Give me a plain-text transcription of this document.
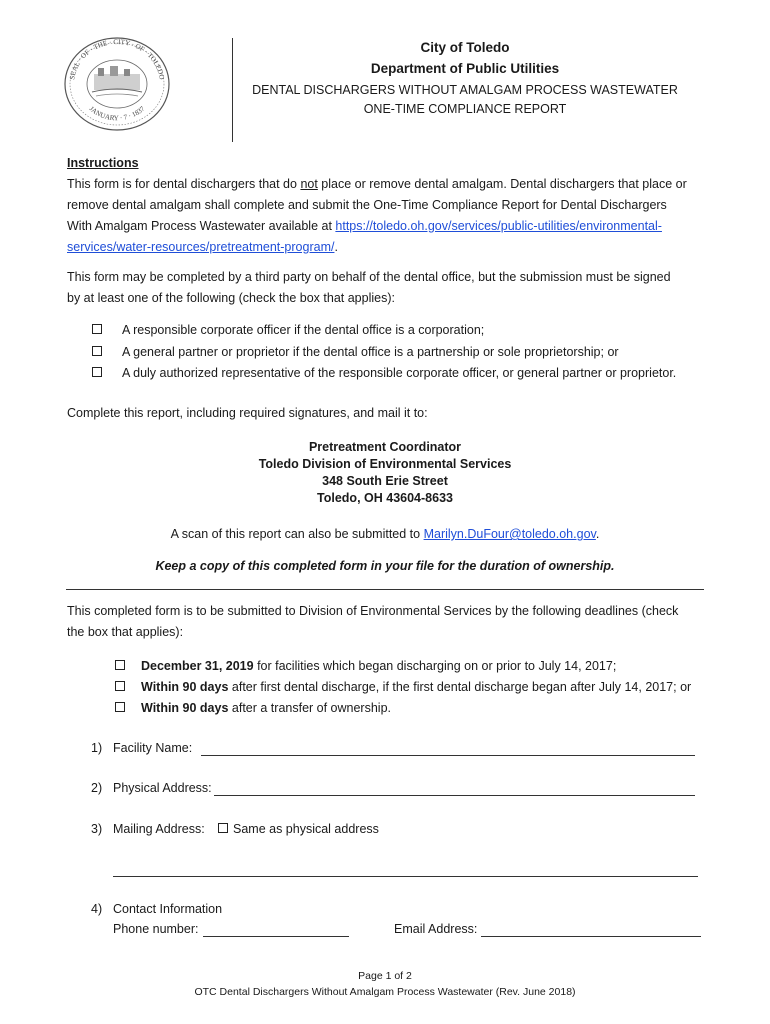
SEAL · OF · THE · CITY · OF · TOLEDO
JANUARY · 7 · 1837
City of Toledo
Department of Public Utilities
DENTAL DISCHARGERS WITHOUT AMALGAM PROCESS WASTEWATER
ONE-TIME COMPLIANCE REPORT
Instructions
This form is for dental dischargers that do not place or remove dental amalgam. Dental dischargers that place or
remove dental amalgam shall complete and submit the One-Time Compliance Report for Dental Dischargers
With Amalgam Process Wastewater available at https://toledo.oh.gov/services/public-utilities/environmental-
services/water-resources/pretreatment-program/.
This form may be completed by a third party on behalf of the dental office, but the submission must be signed
by at least one of the following (check the box that applies):
A responsible corporate officer if the dental office is a corporation;
A general partner or proprietor if the dental office is a partnership or sole proprietorship; or
A duly authorized representative of the responsible corporate officer, or general partner or proprietor.
Complete this report, including required signatures, and mail it to:
Pretreatment Coordinator
Toledo Division of Environmental Services
348 South Erie Street
Toledo, OH 43604-8633
A scan of this report can also be submitted to Marilyn.DuFour@toledo.oh.gov.
Keep a copy of this completed form in your file for the duration of ownership.
This completed form is to be submitted to Division of Environmental Services by the following deadlines (check
the box that applies):
December 31, 2019 for facilities which began discharging on or prior to July 14, 2017;
Within 90 days after first dental discharge, if the first dental discharge began after July 14, 2017; or
Within 90 days after a transfer of ownership.
1) Facility Name:
2) Physical Address:
3) Mailing Address: Same as physical address
4) Contact Information
Phone number:	Email Address:
Page 1 of 2
OTC Dental Dischargers Without Amalgam Process Wastewater (Rev. June 2018)
